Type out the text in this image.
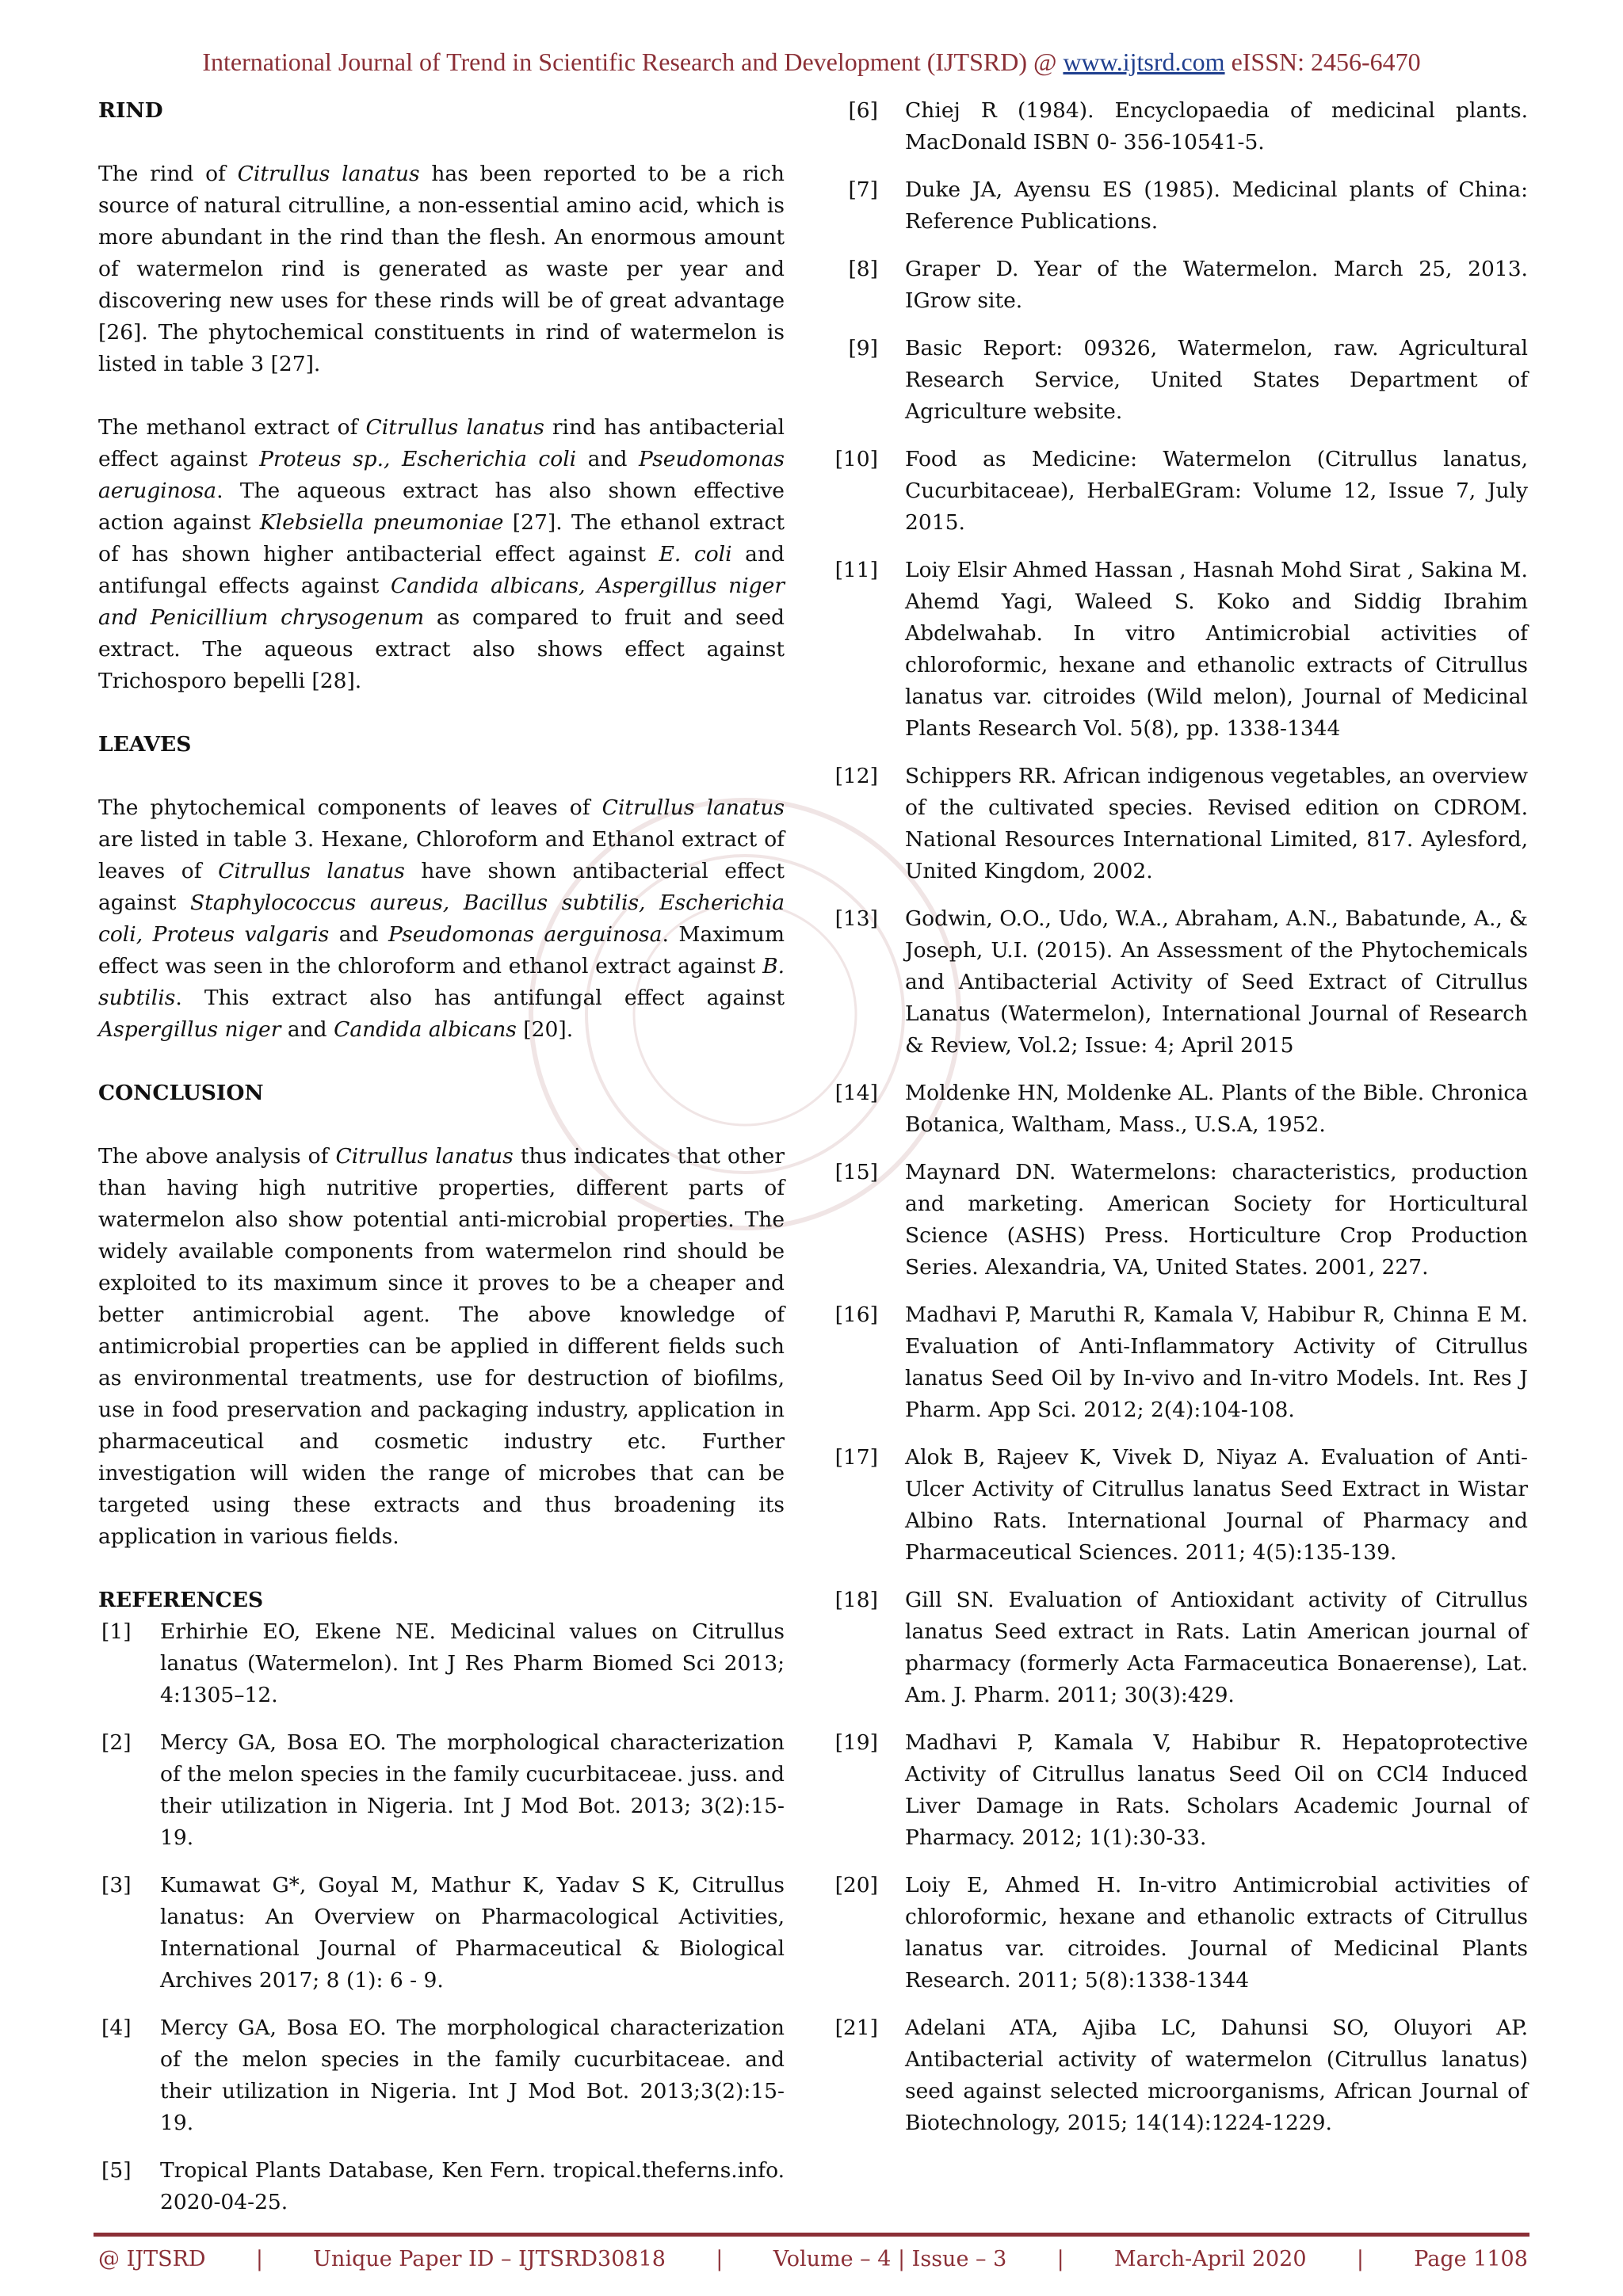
International Journal of Trend in Scientific Research and Development (IJTSRD) @ www.ijtsrd.com eISSN: 2456-6470

RIND

The rind of Citrullus lanatus has been reported to be a rich source of natural citrulline, a non-essential amino acid, which is more abundant in the rind than the flesh. An enormous amount of watermelon rind is generated as waste per year and discovering new uses for these rinds will be of great advantage [26]. The phytochemical constituents in rind of watermelon is listed in table 3 [27].

The methanol extract of Citrullus lanatus rind has antibacterial effect against Proteus sp., Escherichia coli and Pseudomonas aeruginosa. The aqueous extract has also shown effective action against Klebsiella pneumoniae [27]. The ethanol extract of has shown higher antibacterial effect against E. coli and antifungal effects against Candida albicans, Aspergillus niger and Penicillium chrysogenum as compared to fruit and seed extract. The aqueous extract also shows effect against Trichosporo bepelli [28].

LEAVES

The phytochemical components of leaves of Citrullus lanatus are listed in table 3. Hexane, Chloroform and Ethanol extract of leaves of Citrullus lanatus have shown antibacterial effect against Staphylococcus aureus, Bacillus subtilis, Escherichia coli, Proteus valgaris and Pseudomonas aerguinosa. Maximum effect was seen in the chloroform and ethanol extract against B. subtilis. This extract also has antifungal effect against Aspergillus niger and Candida albicans [20].

CONCLUSION

The above analysis of Citrullus lanatus thus indicates that other than having high nutritive properties, different parts of watermelon also show potential anti-microbial properties. The widely available components from watermelon rind should be exploited to its maximum since it proves to be a cheaper and better antimicrobial agent. The above knowledge of antimicrobial properties can be applied in different fields such as environmental treatments, use for destruction of biofilms, use in food preservation and packaging industry, application in pharmaceutical and cosmetic industry etc. Further investigation will widen the range of microbes that can be targeted using these extracts and thus broadening its application in various fields.

REFERENCES

[1]	Erhirhie EO, Ekene NE. Medicinal values on Citrullus lanatus (Watermelon). Int J Res Pharm Biomed Sci 2013; 4:1305–12.
[2]	Mercy GA, Bosa EO. The morphological characterization of the melon species in the family cucurbitaceae. juss. and their utilization in Nigeria. Int J Mod Bot. 2013; 3(2):15-19.
[3]	Kumawat G*, Goyal M, Mathur K, Yadav S K, Citrullus lanatus: An Overview on Pharmacological Activities, International Journal of Pharmaceutical & Biological Archives 2017; 8 (1): 6 - 9.
[4]	Mercy GA, Bosa EO. The morphological characterization of the melon species in the family cucurbitaceae. and their utilization in Nigeria. Int J Mod Bot. 2013;3(2):15-19.
[5]	Tropical Plants Database, Ken Fern. tropical.theferns.info. 2020-04-25.
[6]	Chiej R (1984). Encyclopaedia of medicinal plants. MacDonald ISBN 0- 356-10541-5.
[7]	Duke JA, Ayensu ES (1985). Medicinal plants of China: Reference Publications.
[8]	Graper D. Year of the Watermelon. March 25, 2013. IGrow site.
[9]	Basic Report: 09326, Watermelon, raw. Agricultural Research Service, United States Department of Agriculture website.
[10]	Food as Medicine: Watermelon (Citrullus lanatus, Cucurbitaceae), HerbalEGram: Volume 12, Issue 7, July 2015.
[11]	Loiy Elsir Ahmed Hassan , Hasnah Mohd Sirat , Sakina M. Ahemd Yagi, Waleed S. Koko and Siddig Ibrahim Abdelwahab. In vitro Antimicrobial activities of chloroformic, hexane and ethanolic extracts of Citrullus lanatus var. citroides (Wild melon), Journal of Medicinal Plants Research Vol. 5(8), pp. 1338-1344
[12]	Schippers RR. African indigenous vegetables, an overview of the cultivated species. Revised edition on CDROM. National Resources International Limited, 817. Aylesford, United Kingdom, 2002.
[13]	Godwin, O.O., Udo, W.A., Abraham, A.N., Babatunde, A., & Joseph, U.I. (2015). An Assessment of the Phytochemicals and Antibacterial Activity of Seed Extract of Citrullus Lanatus (Watermelon), International Journal of Research & Review, Vol.2; Issue: 4; April 2015
[14]	Moldenke HN, Moldenke AL. Plants of the Bible. Chronica Botanica, Waltham, Mass., U.S.A, 1952.
[15]	Maynard DN. Watermelons: characteristics, production and marketing. American Society for Horticultural Science (ASHS) Press. Horticulture Crop Production Series. Alexandria, VA, United States. 2001, 227.
[16]	Madhavi P, Maruthi R, Kamala V, Habibur R, Chinna E M. Evaluation of Anti-Inflammatory Activity of Citrullus lanatus Seed Oil by In-vivo and In-vitro Models. Int. Res J Pharm. App Sci. 2012; 2(4):104-108.
[17]	Alok B, Rajeev K, Vivek D, Niyaz A. Evaluation of Anti-Ulcer Activity of Citrullus lanatus Seed Extract in Wistar Albino Rats. International Journal of Pharmacy and Pharmaceutical Sciences. 2011; 4(5):135-139.
[18]	Gill SN. Evaluation of Antioxidant activity of Citrullus lanatus Seed extract in Rats. Latin American journal of pharmacy (formerly Acta Farmaceutica Bonaerense), Lat. Am. J. Pharm. 2011; 30(3):429.
[19]	Madhavi P, Kamala V, Habibur R. Hepatoprotective Activity of Citrullus lanatus Seed Oil on CCl4 Induced Liver Damage in Rats. Scholars Academic Journal of Pharmacy. 2012; 1(1):30-33.
[20]	Loiy E, Ahmed H. In-vitro Antimicrobial activities of chloroformic, hexane and ethanolic extracts of Citrullus lanatus var. citroides. Journal of Medicinal Plants Research. 2011; 5(8):1338-1344
[21]	Adelani ATA, Ajiba LC, Dahunsi SO, Oluyori AP. Antibacterial activity of watermelon (Citrullus lanatus) seed against selected microorganisms, African Journal of Biotechnology, 2015; 14(14):1224-1229.
@ IJTSRD | Unique Paper ID – IJTSRD30818 | Volume – 4 | Issue – 3 | March-April 2020 | Page 1108
